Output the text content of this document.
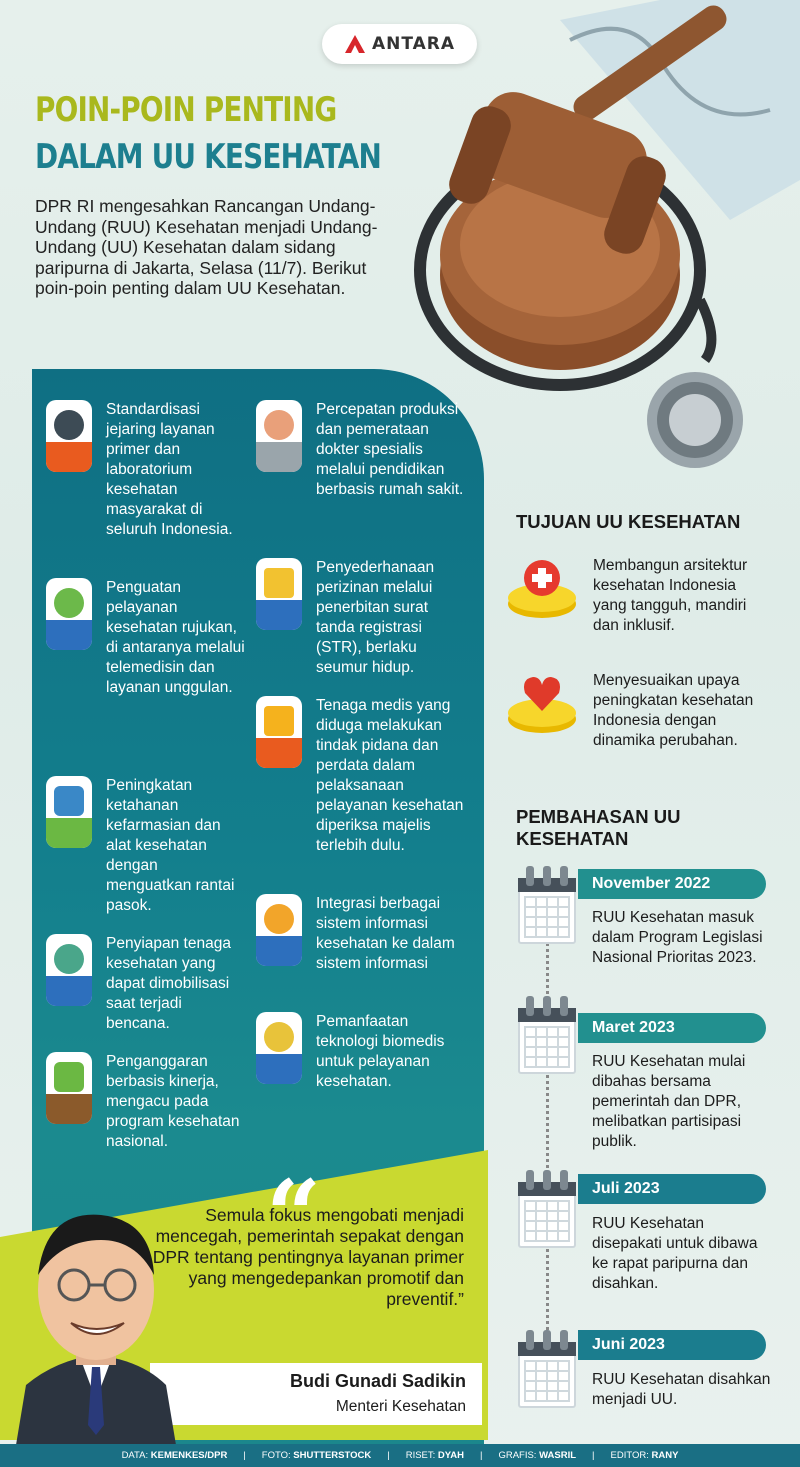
ANTARA
POIN-POIN PENTING
DALAM UU KESEHATAN

DPR RI mengesahkan Rancangan Undang-Undang (RUU) Kesehatan menjadi Undang-Undang (UU) Kesehatan dalam sidang paripurna di Jakarta, Selasa (11/7). Berikut poin-poin penting dalam UU Kesehatan.

Standardisasi jejaring layanan primer dan laboratorium kesehatan masyarakat di seluruh Indonesia.
Penguatan pelayanan kesehatan rujukan, di antaranya melalui telemedisin dan layanan unggulan.
Peningkatan ketahanan kefarmasian dan alat kesehatan dengan menguatkan rantai pasok.
Penyiapan tenaga kesehatan yang dapat dimobilisasi saat terjadi bencana.
Penganggaran berbasis kinerja, mengacu pada program kesehatan nasional.
Percepatan produksi dan pemerataan dokter spesialis melalui pendidikan berbasis rumah sakit.
Penyederhanaan perizinan melalui penerbitan surat tanda registrasi (STR), berlaku seumur hidup.
Tenaga medis yang diduga melakukan tindak pidana dan perdata dalam pelaksanaan pelayanan kesehatan diperiksa majelis terlebih dulu.
Integrasi berbagai sistem informasi kesehatan ke dalam sistem informasi
Pemanfaatan teknologi biomedis untuk pelayanan kesehatan.
“

Semula fokus mengobati menjadi mencegah, pemerintah sepakat dengan DPR tentang pentingnya layanan primer yang mengedepankan promotif dan preventif.”

Budi Gunadi Sadikin
Menteri Kesehatan
TUJUAN UU KESEHATAN
Membangun arsitektur kesehatan Indonesia yang tangguh, mandiri dan inklusif.
Menyesuaikan upaya peningkatan kesehatan Indonesia dengan dinamika perubahan.
PEMBAHASAN UU KESEHATAN
November 2022
RUU Kesehatan masuk dalam Program Legislasi Nasional Prioritas 2023.
Maret 2023
RUU Kesehatan mulai dibahas bersama pemerintah dan DPR, melibatkan partisipasi publik.
Juli 2023
RUU Kesehatan disepakati untuk dibawa ke rapat paripurna dan disahkan.
Juni 2023
RUU Kesehatan disahkan menjadi UU.
DATA: KEMENKES/DPR | FOTO: SHUTTERSTOCK | RISET: DYAH | GRAFIS: WASRIL | EDITOR: RANY
